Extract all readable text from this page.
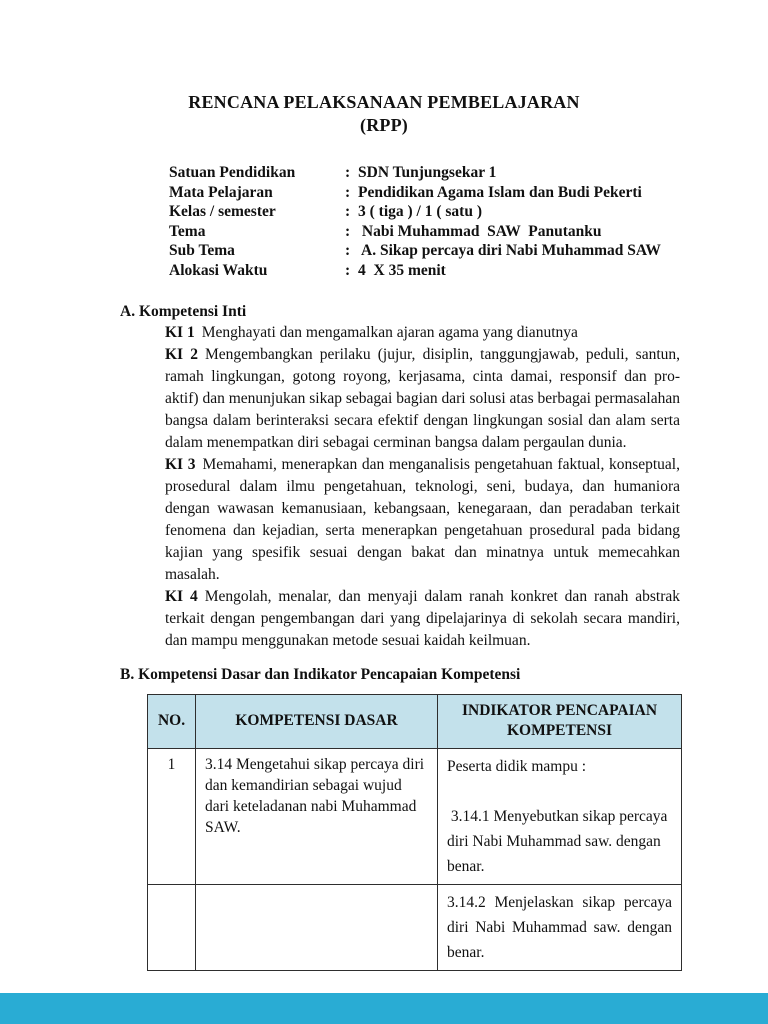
RENCANA PELAKSANAAN PEMBELAJARAN
(RPP)
Satuan Pendidikan	: SDN Tunjungsekar 1
Mata Pelajaran	: Pendidikan Agama Islam dan Budi Pekerti
Kelas / semester	: 3 ( tiga ) / 1 ( satu )
Tema	: Nabi Muhammad  SAW  Panutanku
Sub Tema	: A. Sikap percaya diri Nabi Muhammad SAW
Alokasi Waktu	: 4  X 35 menit
A. Kompetensi Inti

KI 1 Menghayati dan mengamalkan ajaran agama yang dianutnya

KI 2 Mengembangkan perilaku (jujur, disiplin, tanggungjawab, peduli, santun, ramah lingkungan, gotong royong, kerjasama, cinta damai, responsif dan pro-aktif) dan menunjukan sikap sebagai bagian dari solusi atas berbagai permasalahan bangsa dalam berinteraksi secara efektif dengan lingkungan sosial dan alam serta dalam menempatkan diri sebagai cerminan bangsa dalam pergaulan dunia.

KI 3 Memahami, menerapkan dan menganalisis pengetahuan faktual, konseptual, prosedural dalam ilmu pengetahuan, teknologi, seni, budaya, dan humaniora dengan wawasan kemanusiaan, kebangsaan, kenegaraan, dan peradaban terkait fenomena dan kejadian, serta menerapkan pengetahuan prosedural pada bidang kajian yang spesifik sesuai dengan bakat dan minatnya untuk memecahkan masalah.

KI 4 Mengolah, menalar, dan menyaji dalam ranah konkret dan ranah abstrak terkait dengan pengembangan dari yang dipelajarinya di sekolah secara mandiri, dan mampu menggunakan metode sesuai kaidah keilmuan.

B. Kompetensi Dasar dan Indikator Pencapaian Kompetensi
NO.	KOMPETENSI DASAR	INDIKATOR PENCAPAIAN KOMPETENSI
1	3.14 Mengetahui sikap percaya diri dan kemandirian sebagai wujud dari keteladanan nabi Muhammad SAW.	Peserta didik mampu :
3.14.1 Menyebutkan sikap percaya diri Nabi Muhammad saw. dengan benar.

		3.14.2 Menjelaskan sikap percaya diri Nabi Muhammad saw. dengan benar.
